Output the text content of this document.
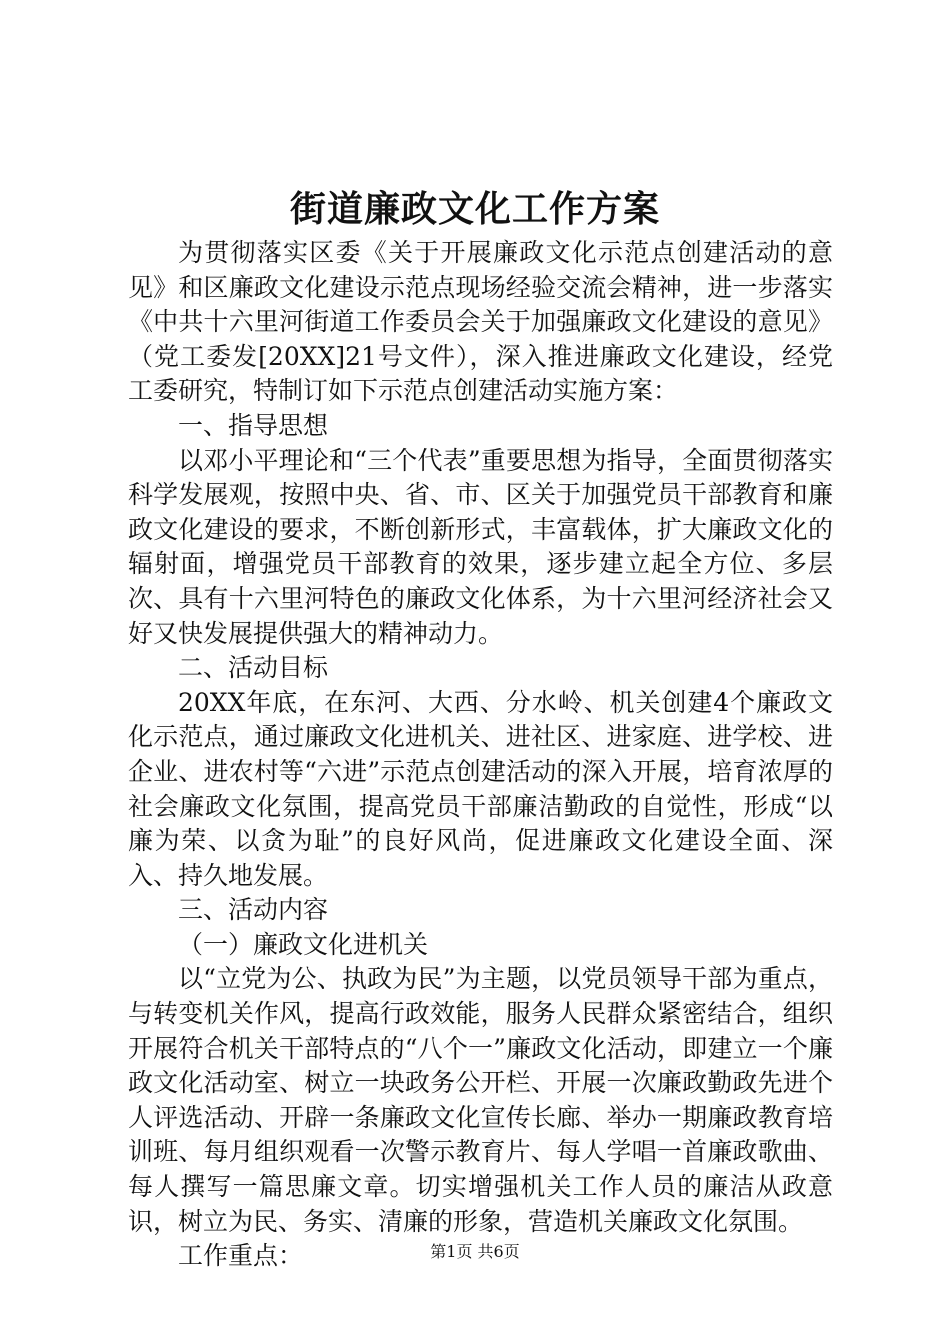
街道廉政文化工作方案

为贯彻落实区委《关于开展廉政文化示范点创建活动的意见》和区廉政文化建设示范点现场经验交流会精神，进一步落实《中共十六里河街道工作委员会关于加强廉政文化建设的意见》（党工委发[20XX]21号文件），深入推进廉政文化建设，经党工委研究，特制订如下示范点创建活动实施方案：

一、指导思想

以邓小平理论和“三个代表”重要思想为指导，全面贯彻落实科学发展观，按照中央、省、市、区关于加强党员干部教育和廉政文化建设的要求，不断创新形式，丰富载体，扩大廉政文化的辐射面，增强党员干部教育的效果，逐步建立起全方位、多层次、具有十六里河特色的廉政文化体系，为十六里河经济社会又好又快发展提供强大的精神动力。

二、活动目标

20XX年底，在东河、大西、分水岭、机关创建4个廉政文化示范点，通过廉政文化进机关、进社区、进家庭、进学校、进企业、进农村等“六进”示范点创建活动的深入开展，培育浓厚的社会廉政文化氛围，提高党员干部廉洁勤政的自觉性，形成“以廉为荣、以贪为耻”的良好风尚，促进廉政文化建设全面、深入、持久地发展。

三、活动内容

（一）廉政文化进机关

以“立党为公、执政为民”为主题，以党员领导干部为重点，与转变机关作风，提高行政效能，服务人民群众紧密结合，组织开展符合机关干部特点的“八个一”廉政文化活动，即建立一个廉政文化活动室、树立一块政务公开栏、开展一次廉政勤政先进个人评选活动、开辟一条廉政文化宣传长廊、举办一期廉政教育培训班、每月组织观看一次警示教育片、每人学唱一首廉政歌曲、每人撰写一篇思廉文章。切实增强机关工作人员的廉洁从政意识，树立为民、务实、清廉的形象，营造机关廉政文化氛围。

工作重点：	第1页 共6页
